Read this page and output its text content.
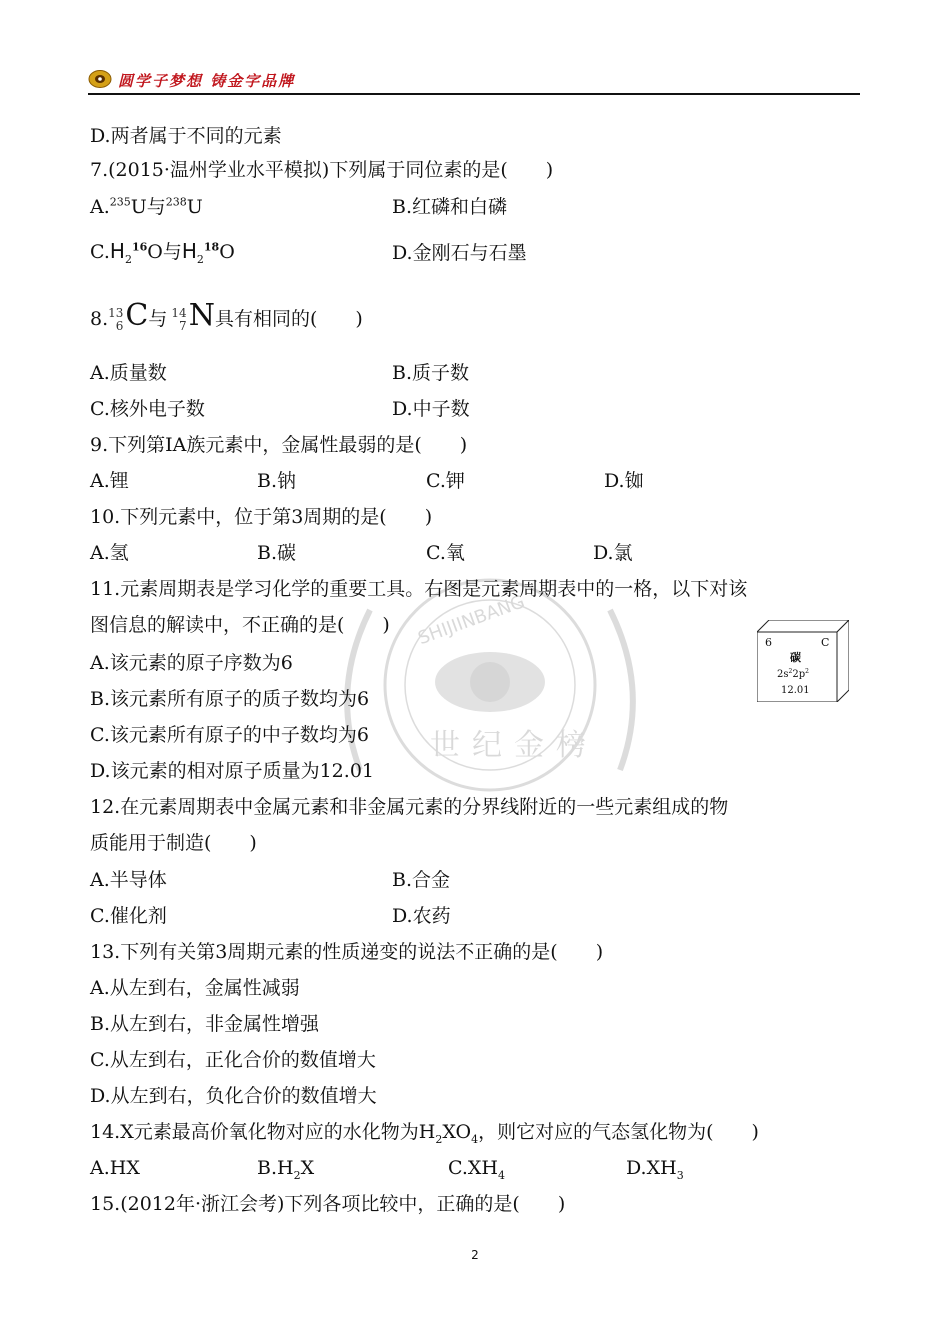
圆学子梦想 铸金字品牌
SHIJIINBANG
世纪金榜
D.两者属于不同的元素
7.(2015·温州学业水平模拟)下列属于同位素的是(　　)
A.$^{235}$U与$^{238}$U	B.红磷和白磷
$C.H_2^{16}O$与$H_2^{18}O$	D.金刚石与石墨
8.13
6C与 14
7N具有相同的(　　)
A.质量数	B.质子数
C.核外电子数	D.中子数
9.下列第ⅠA族元素中，金属性最弱的是(　　)
A.锂	B.钠	C.钾	D.铷
10.下列元素中，位于第3周期的是(　　)
A.氢	B.碳	C.氧	D.氯
11.元素周期表是学习化学的重要工具。右图是元素周期表中的一格，以下对该
图信息的解读中，不正确的是(　　)
A.该元素的原子序数为6
B.该元素所有原子的质子数均为6
C.该元素所有原子的中子数均为6
D.该元素的相对原子质量为12.01
6	C
碳
$2s^22p^2$
12.01
12.在元素周期表中金属元素和非金属元素的分界线附近的一些元素组成的物
质能用于制造(　　)
A.半导体	B.合金
C.催化剂	D.农药
13.下列有关第3周期元素的性质递变的说法不正确的是(　　)
A.从左到右，金属性减弱
B.从左到右，非金属性增强
C.从左到右，正化合价的数值增大
D.从左到右，负化合价的数值增大
14.X元素最高价氧化物对应的水化物为$H_2XO_4$，则它对应的气态氢化物为(　　)
A.HX	$B.H_2X$	$C.XH_4$	$D.XH_3$
15.(2012年·浙江会考)下列各项比较中，正确的是(　　)
2
